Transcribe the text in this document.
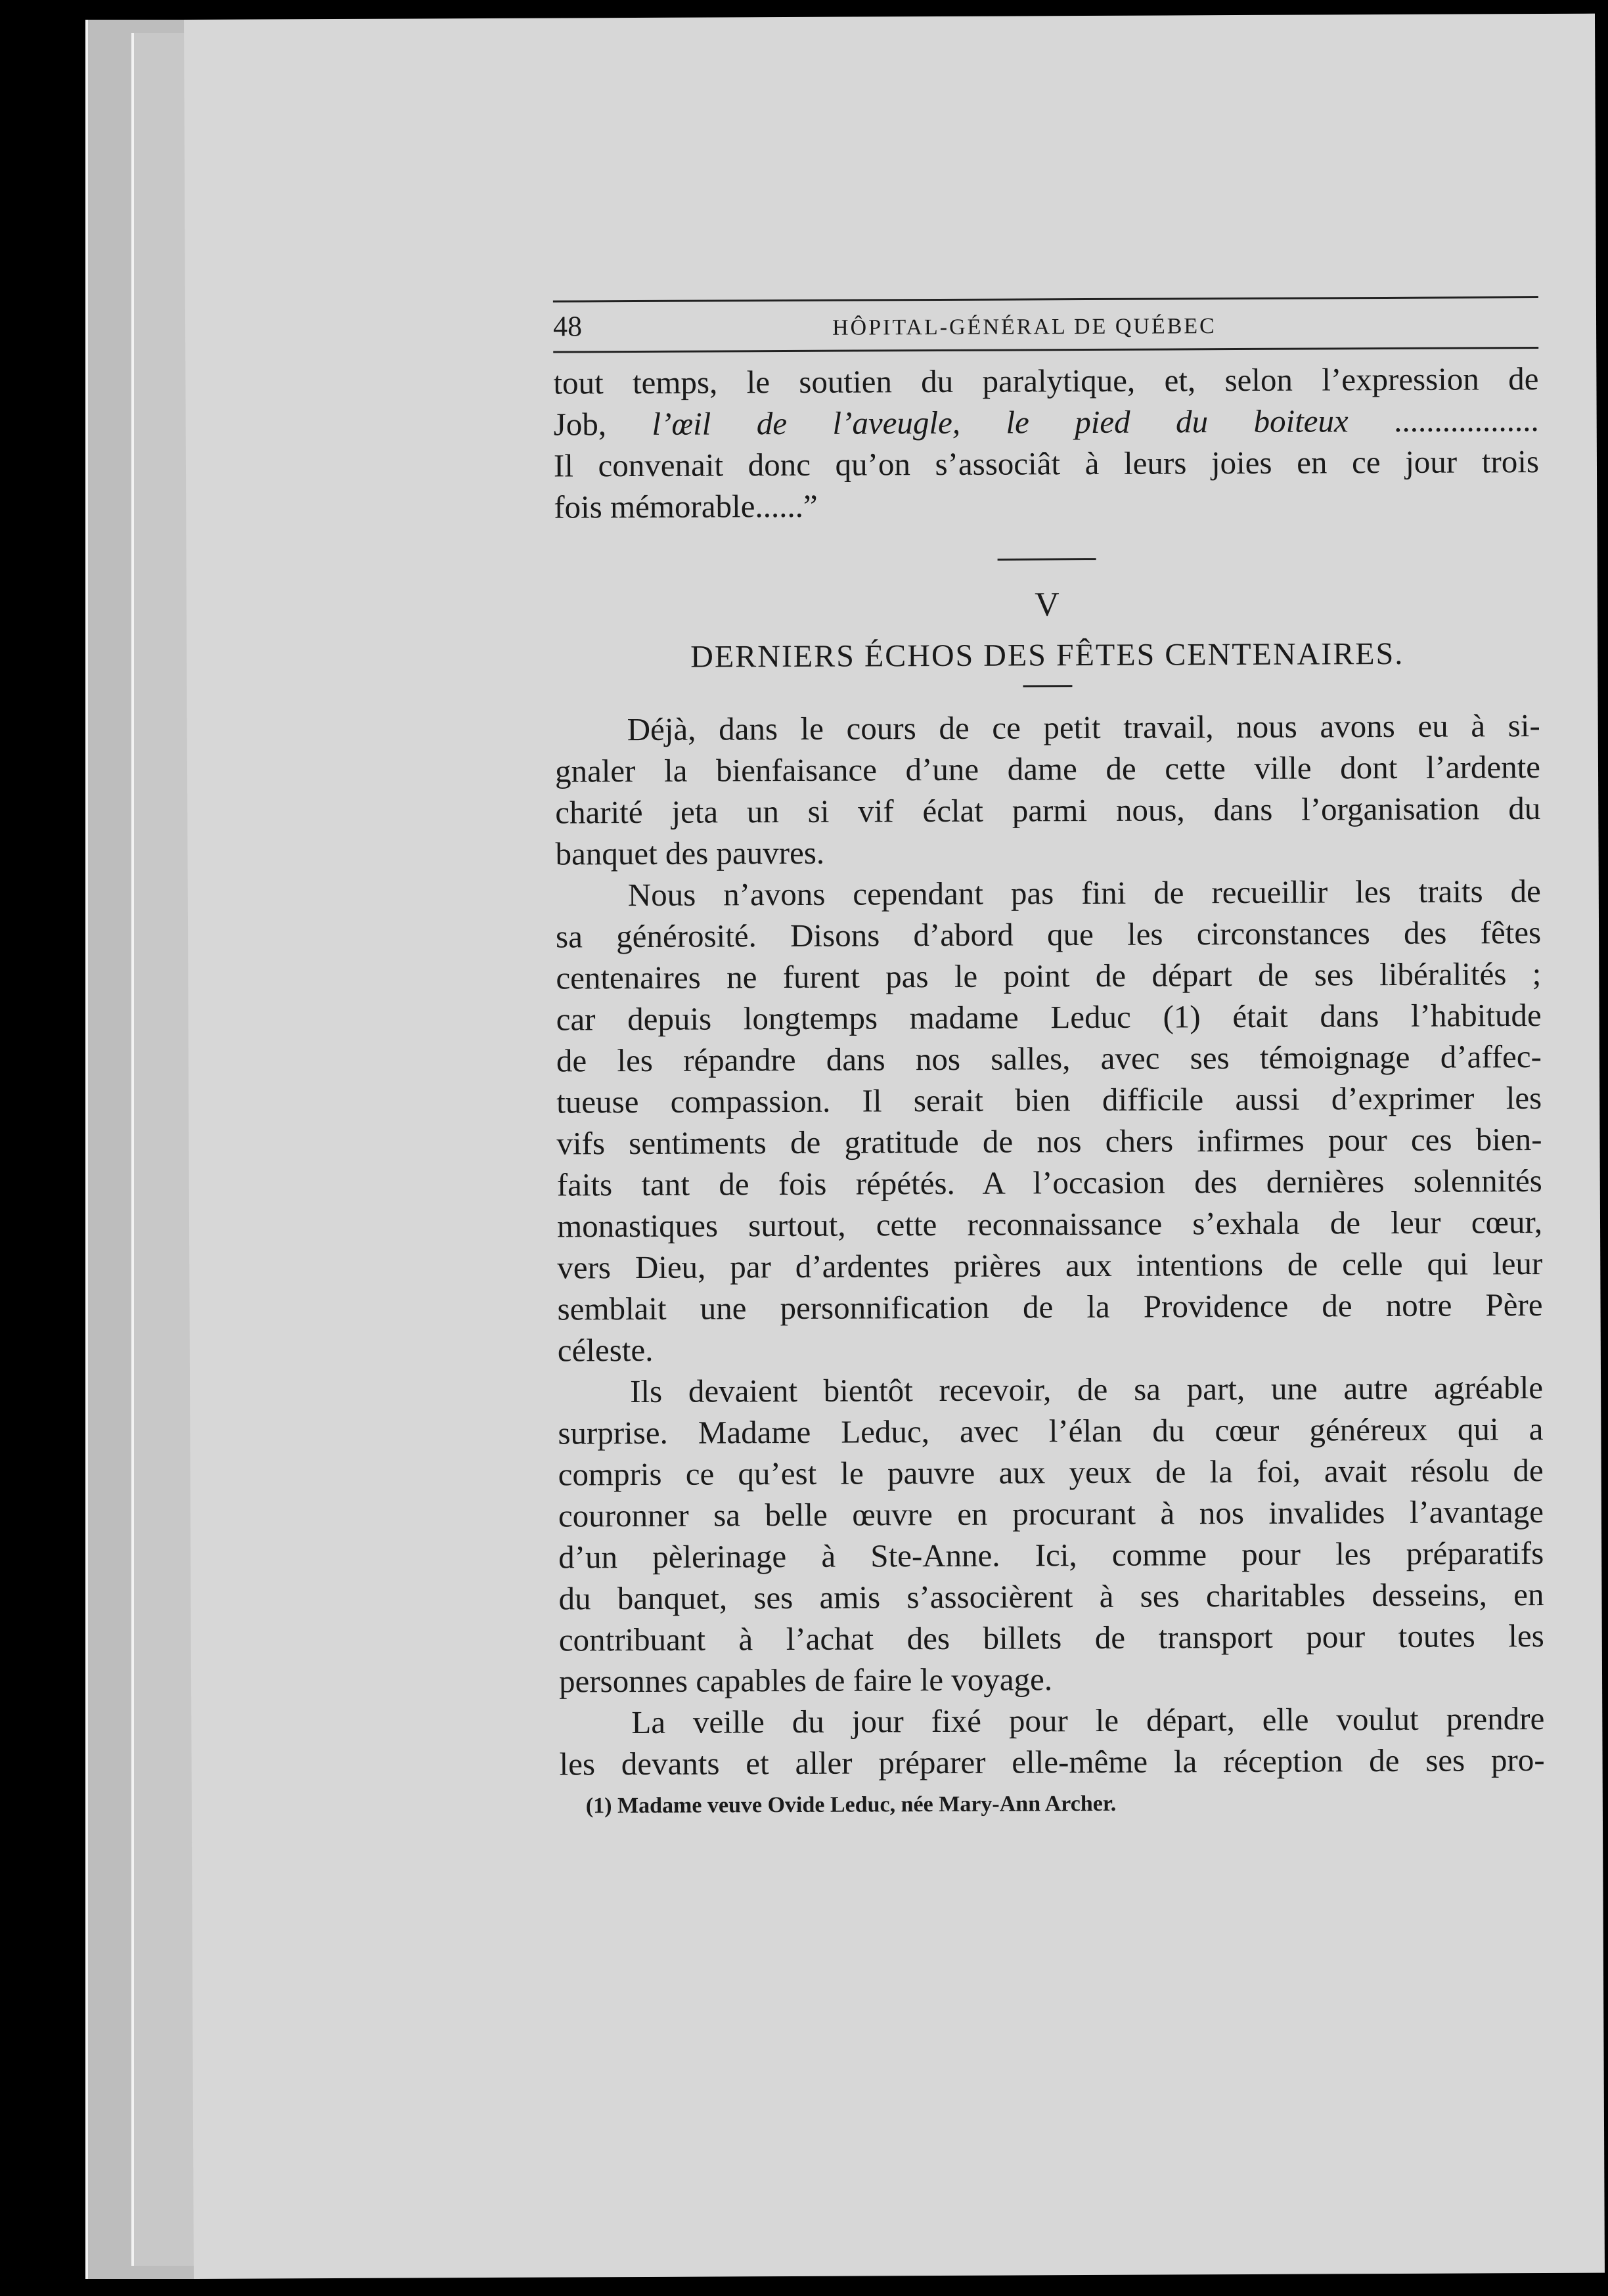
48	HÔPITAL-GÉNÉRAL DE QUÉBEC
tout temps, le soutien du paralytique, et, selon l’expression de
Job, l’œil de l’aveugle, le pied du boiteux ..................
Il convenait donc qu’on s’associât à leurs joies en ce jour trois
fois mémorable......”
V
DERNIERS ÉCHOS DES FÊTES CENTENAIRES.
Déjà, dans le cours de ce petit travail, nous avons eu à si-
gnaler la bienfaisance d’une dame de cette ville dont l’ardente
charité jeta un si vif éclat parmi nous, dans l’organisation du
banquet des pauvres.
Nous n’avons cependant pas fini de recueillir les traits de
sa générosité. Disons d’abord que les circonstances des fêtes
centenaires ne furent pas le point de départ de ses libéralités ;
car depuis longtemps madame Leduc (1) était dans l’habitude
de les répandre dans nos salles, avec ses témoignage d’affec-
tueuse compassion. Il serait bien difficile aussi d’exprimer les
vifs sentiments de gratitude de nos chers infirmes pour ces bien-
faits tant de fois répétés. A l’occasion des dernières solennités
monastiques surtout, cette reconnaissance s’exhala de leur cœur,
vers Dieu, par d’ardentes prières aux intentions de celle qui leur
semblait une personnification de la Providence de notre Père
céleste.
Ils devaient bientôt recevoir, de sa part, une autre agréable
surprise. Madame Leduc, avec l’élan du cœur généreux qui a
compris ce qu’est le pauvre aux yeux de la foi, avait résolu de
couronner sa belle œuvre en procurant à nos invalides l’avantage
d’un pèlerinage à Ste-Anne. Ici, comme pour les préparatifs
du banquet, ses amis s’associèrent à ses charitables desseins, en
contribuant à l’achat des billets de transport pour toutes les
personnes capables de faire le voyage.
La veille du jour fixé pour le départ, elle voulut prendre
les devants et aller préparer elle-même la réception de ses pro-
(1) Madame veuve Ovide Leduc, née Mary-Ann Archer.
